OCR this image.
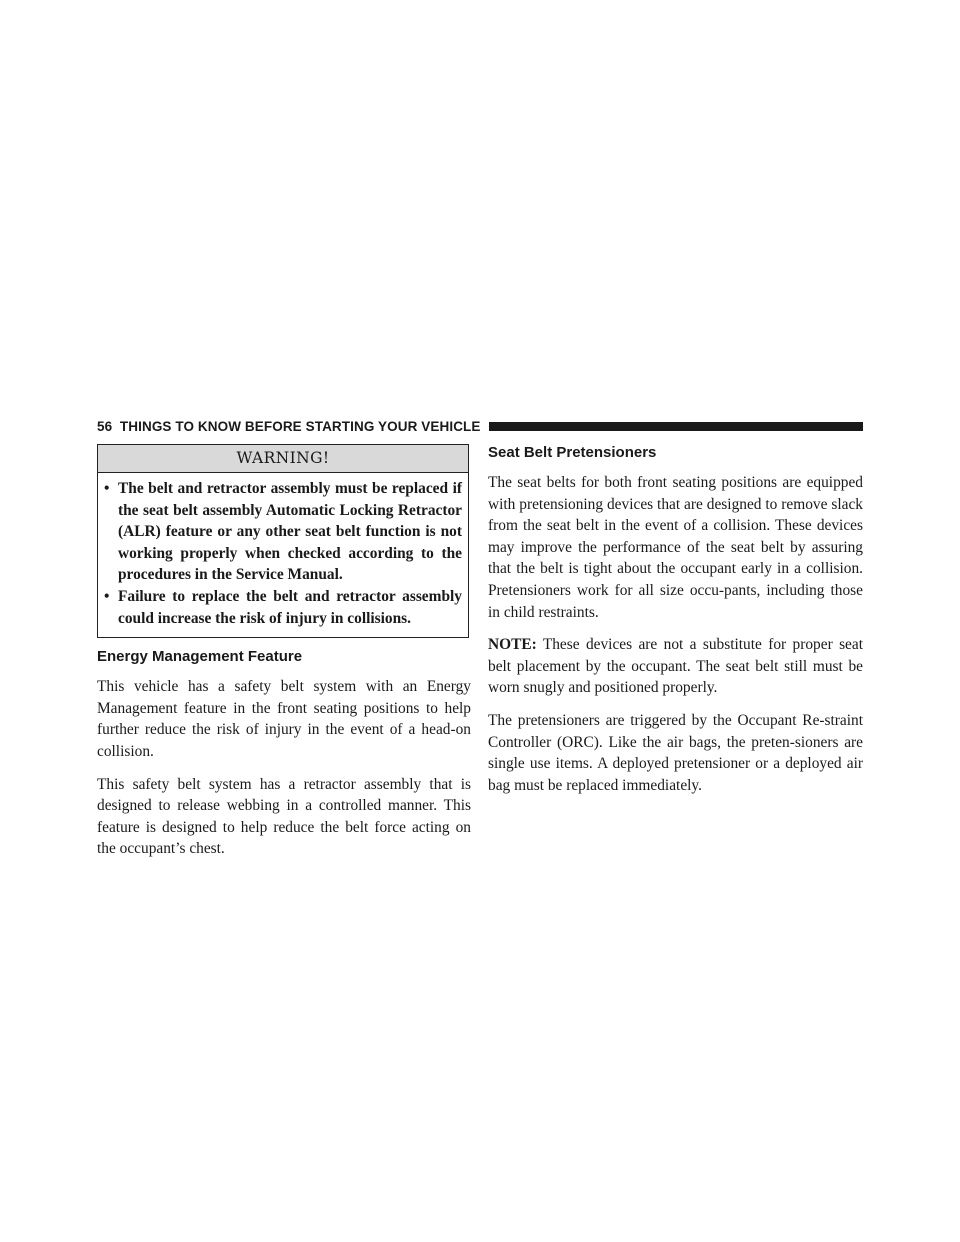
56 THINGS TO KNOW BEFORE STARTING YOUR VEHICLE
WARNING!
• The belt and retractor assembly must be replaced if the seat belt assembly Automatic Locking Retractor (ALR) feature or any other seat belt function is not working properly when checked according to the procedures in the Service Manual.
• Failure to replace the belt and retractor assembly could increase the risk of injury in collisions.
Energy Management Feature

This vehicle has a safety belt system with an Energy Management feature in the front seating positions to help further reduce the risk of injury in the event of a head-on collision.

This safety belt system has a retractor assembly that is designed to release webbing in a controlled manner. This feature is designed to help reduce the belt force acting on the occupant’s chest.

Seat Belt Pretensioners

The seat belts for both front seating positions are equipped with pretensioning devices that are designed to remove slack from the seat belt in the event of a collision. These devices may improve the performance of the seat belt by assuring that the belt is tight about the occupant early in a collision. Pretensioners work for all size occu-pants, including those in child restraints.

NOTE: These devices are not a substitute for proper seat belt placement by the occupant. The seat belt still must be worn snugly and positioned properly.

The pretensioners are triggered by the Occupant Re-straint Controller (ORC). Like the air bags, the preten-sioners are single use items. A deployed pretensioner or a deployed air bag must be replaced immediately.
